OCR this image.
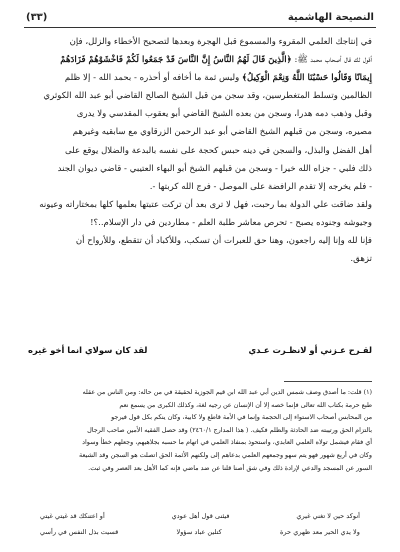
النصيحة الهاشمية
(٣٣)

في إنتاجك العلمي المقروء والمسموع قبل الهجرة وبعدها لتصحيح الأخطاء والزلل، فإن

أقول لك قال أصحاب محمد ﷺ: ﴿الَّذِينَ قَالَ لَهُمُ النَّاسُ إِنَّ النَّاسَ قَدْ جَمَعُوا لَكُمْ فَاخْشَوْهُمْ فَزَادَهُمْ

إِيمَانًا وَقَالُوا حَسْبُنَا اللَّهُ وَنِعْمَ الْوَكِيلُ﴾ وليس ثمة ما أخافه أو أحذره - بحمد الله - إلا ظلم

الظالمين وتسلط المتغطرسين، وقد سجن من قبل الشيخ الصالح القاضي أبو عبد الله الكوثري

وقبل وذهب دمه هدرا، وسجن من بعده الشيخ القاضي أبو يعقوب المقدسي ولا يدرى

مصيره، وسجن من قبلهم الشيخ القاضي أبو عبد الرحمن الزرقاوي مع سابقيه وغيرهم

أهل الفضل والبذل، والسجن في دينه حبس كحجة على نفسه بالبدعة والضلال يوقع على

ذلك فلبي - جزاه الله خيرا - وسجن من قبلهم الشيخ أبو البهاء العتيبي - قاضي ديوان الجند

- فلم يخرجه إلا تقدم الرافضة على الموصل - فرج الله كربتها -.

ولقد ضاقت علي الدولة بما رحبت، فهل لا ترى بعد أن تركت عتبتها بعلمها كلها بمختاراته وعيونه

وجيوشه وجنوده يصبح - تحرص معاشر طلبة العلم - مطاردين في دار الإسلام..؟!

فإنا لله وإنا إليه راجعون، وهنا حق للعبرات أن تسكب، وللأكباد أن تتقطع، وللأرواح أن

تزهق.

لقـرح عـزني أو لانظـرت عـدي
لقد كان سولاي انما أخو غيره

(١) قلت: ما أصدق وصف شمس الدين أبي عبد الله ابن قيم الجوزية لحقيقة في من حاله: ومن الناس من عقله

طبع حرمة بكتاب الله تعالى فإنما خصه إلا أن الإنسان عن رجيه لغة، وكذلك الكبرى من يسمع نعم

من المحابس أصحاب الاستواء إلى الحجمة وإنما في الأمة قاطع ولا كابية، وكان ينكم بكل قول فيرجو

بالتزام الحق ورتيبته ضد الحادثة والظلم فكيف. ( هذا المدارج ٢٤٦٠/١) وقد حصل الفقيه الأمين صاحب الرجال

أي فقام فيشمل تولاه العلمي العابدي، واستحوذ بمنفاذ العلمي في اتهام ما حسبه بجلاهيهم، وجعلهم خطأ وسواد

وكان في أربع شهور فهو يتم سهو وجمعهم العلمي بدعاهم إلى ولكنهم الأئمة الحق اتصلت هو السجن وقد الشيعة

السور عن المسجد والدعي لإرادة ذلك وفي شق أصنا قلنا عن ضد ماضي فإنه كما الأهل بعد العصر وفي ثبت.

أنوكد حين لا تغني غيري
فيئنى قول أهل عودي
أو اعتنكك قد غيتي غيتي
ولا يدي الحير معد ظهري حرة
كتلين عباد سؤولا
قسيت بذل النفس في رأسي
